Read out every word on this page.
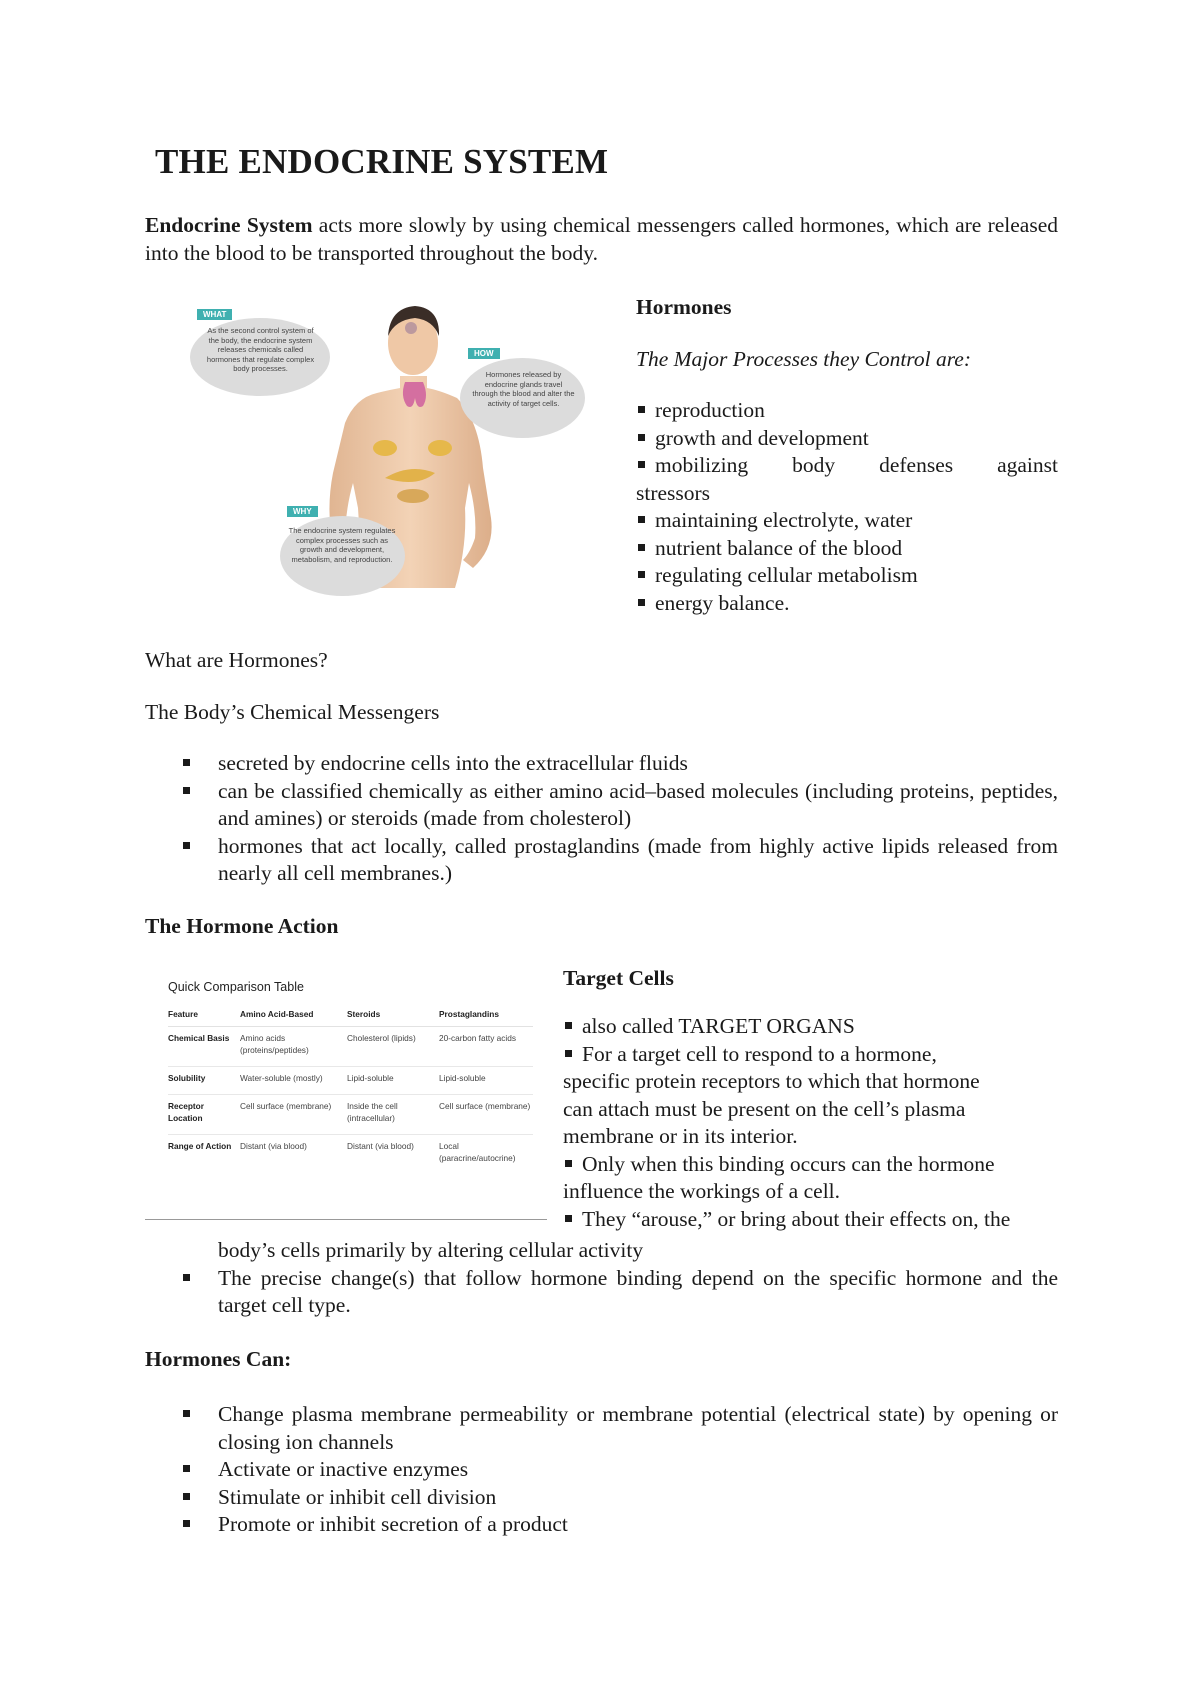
THE ENDOCRINE SYSTEM
Endocrine System acts more slowly by using chemical messengers called hormones, which are released into the blood to be transported throughout the body.
WHAT
As the second control system of the body, the endocrine system releases chemicals called hormones that regulate complex body processes.
HOW
Hormones released by endocrine glands travel through the blood and alter the activity of target cells.
WHY
The endocrine system regulates complex processes such as growth and development, metabolism, and reproduction.
Hormones
The Major Processes they Control are:
reproduction
growth and development
mobilizing body defenses against
stressors
maintaining electrolyte, water
nutrient balance of the blood
regulating cellular metabolism
energy balance.
What are Hormones?
The Body’s Chemical Messengers
secreted by endocrine cells into the extracellular fluids
can be classified chemically as either amino acid–based molecules (including proteins, peptides, and amines) or steroids (made from cholesterol)
hormones that act locally, called prostaglandins (made from highly active lipids released from nearly all cell membranes.)
The Hormone Action
Quick Comparison Table
Feature	Amino Acid-Based	Steroids	Prostaglandins
Chemical Basis	Amino acids (proteins/peptides)	Cholesterol (lipids)	20-carbon fatty acids
Solubility	Water-soluble (mostly)	Lipid-soluble	Lipid-soluble
Receptor Location	Cell surface (membrane)	Inside the cell (intracellular)	Cell surface (membrane)
Range of Action	Distant (via blood)	Distant (via blood)	Local (paracrine/autocrine)
Target Cells
also called TARGET ORGANS
For a target cell to respond to a hormone,
specific protein receptors to which that hormone
can attach must be present on the cell’s plasma
membrane or in its interior.
Only when this binding occurs can the hormone
influence the workings of a cell.
They “arouse,” or bring about their effects on, the
body’s cells primarily by altering cellular activity
The precise change(s) that follow hormone binding depend on the specific hormone and the target cell type.
Hormones Can:
Change plasma membrane permeability or membrane potential (electrical state) by opening or closing ion channels
Activate or inactive enzymes
Stimulate or inhibit cell division
Promote or inhibit secretion of a product
